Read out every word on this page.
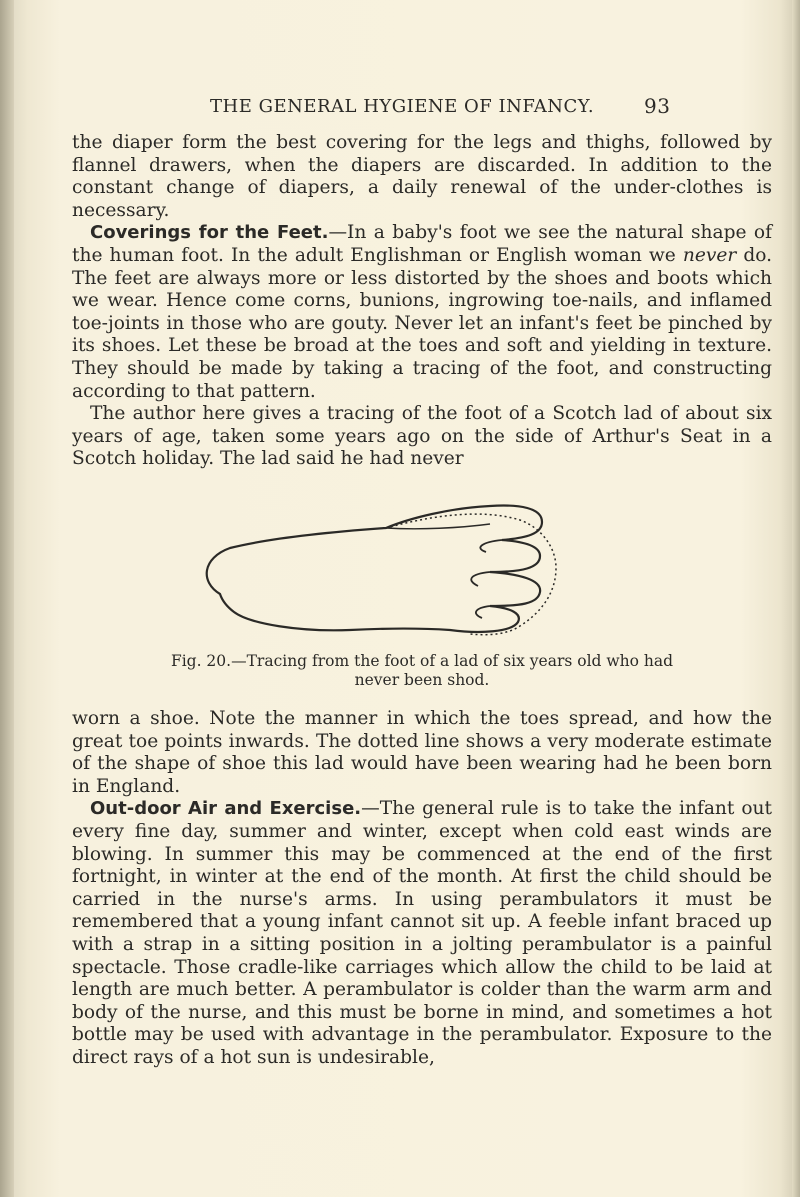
THE GENERAL HYGIENE OF INFANCY. 93

the diaper form the best covering for the legs and thighs, followed by flannel drawers, when the diapers are discarded. In addition to the constant change of diapers, a daily renewal of the under-clothes is necessary.

Coverings for the Feet.—In a baby's foot we see the natural shape of the human foot. In the adult Englishman or English woman we never do. The feet are always more or less distorted by the shoes and boots which we wear. Hence come corns, bunions, ingrowing toe-nails, and inflamed toe-joints in those who are gouty. Never let an infant's feet be pinched by its shoes. Let these be broad at the toes and soft and yielding in texture. They should be made by taking a tracing of the foot, and constructing according to that pattern.

The author here gives a tracing of the foot of a Scotch lad of about six years of age, taken some years ago on the side of Arthur's Seat in a Scotch holiday. The lad said he had never

Fig. 20.—Tracing from the foot of a lad of six years old who had
never been shod.

worn a shoe. Note the manner in which the toes spread, and how the great toe points inwards. The dotted line shows a very moderate estimate of the shape of shoe this lad would have been wearing had he been born in England.

Out-door Air and Exercise.—The general rule is to take the infant out every fine day, summer and winter, except when cold east winds are blowing. In summer this may be commenced at the end of the first fortnight, in winter at the end of the month. At first the child should be carried in the nurse's arms. In using perambulators it must be remembered that a young infant cannot sit up. A feeble infant braced up with a strap in a sitting position in a jolting perambulator is a painful spectacle. Those cradle-like carriages which allow the child to be laid at length are much better. A perambulator is colder than the warm arm and body of the nurse, and this must be borne in mind, and sometimes a hot bottle may be used with advantage in the perambulator. Exposure to the direct rays of a hot sun is undesirable,
